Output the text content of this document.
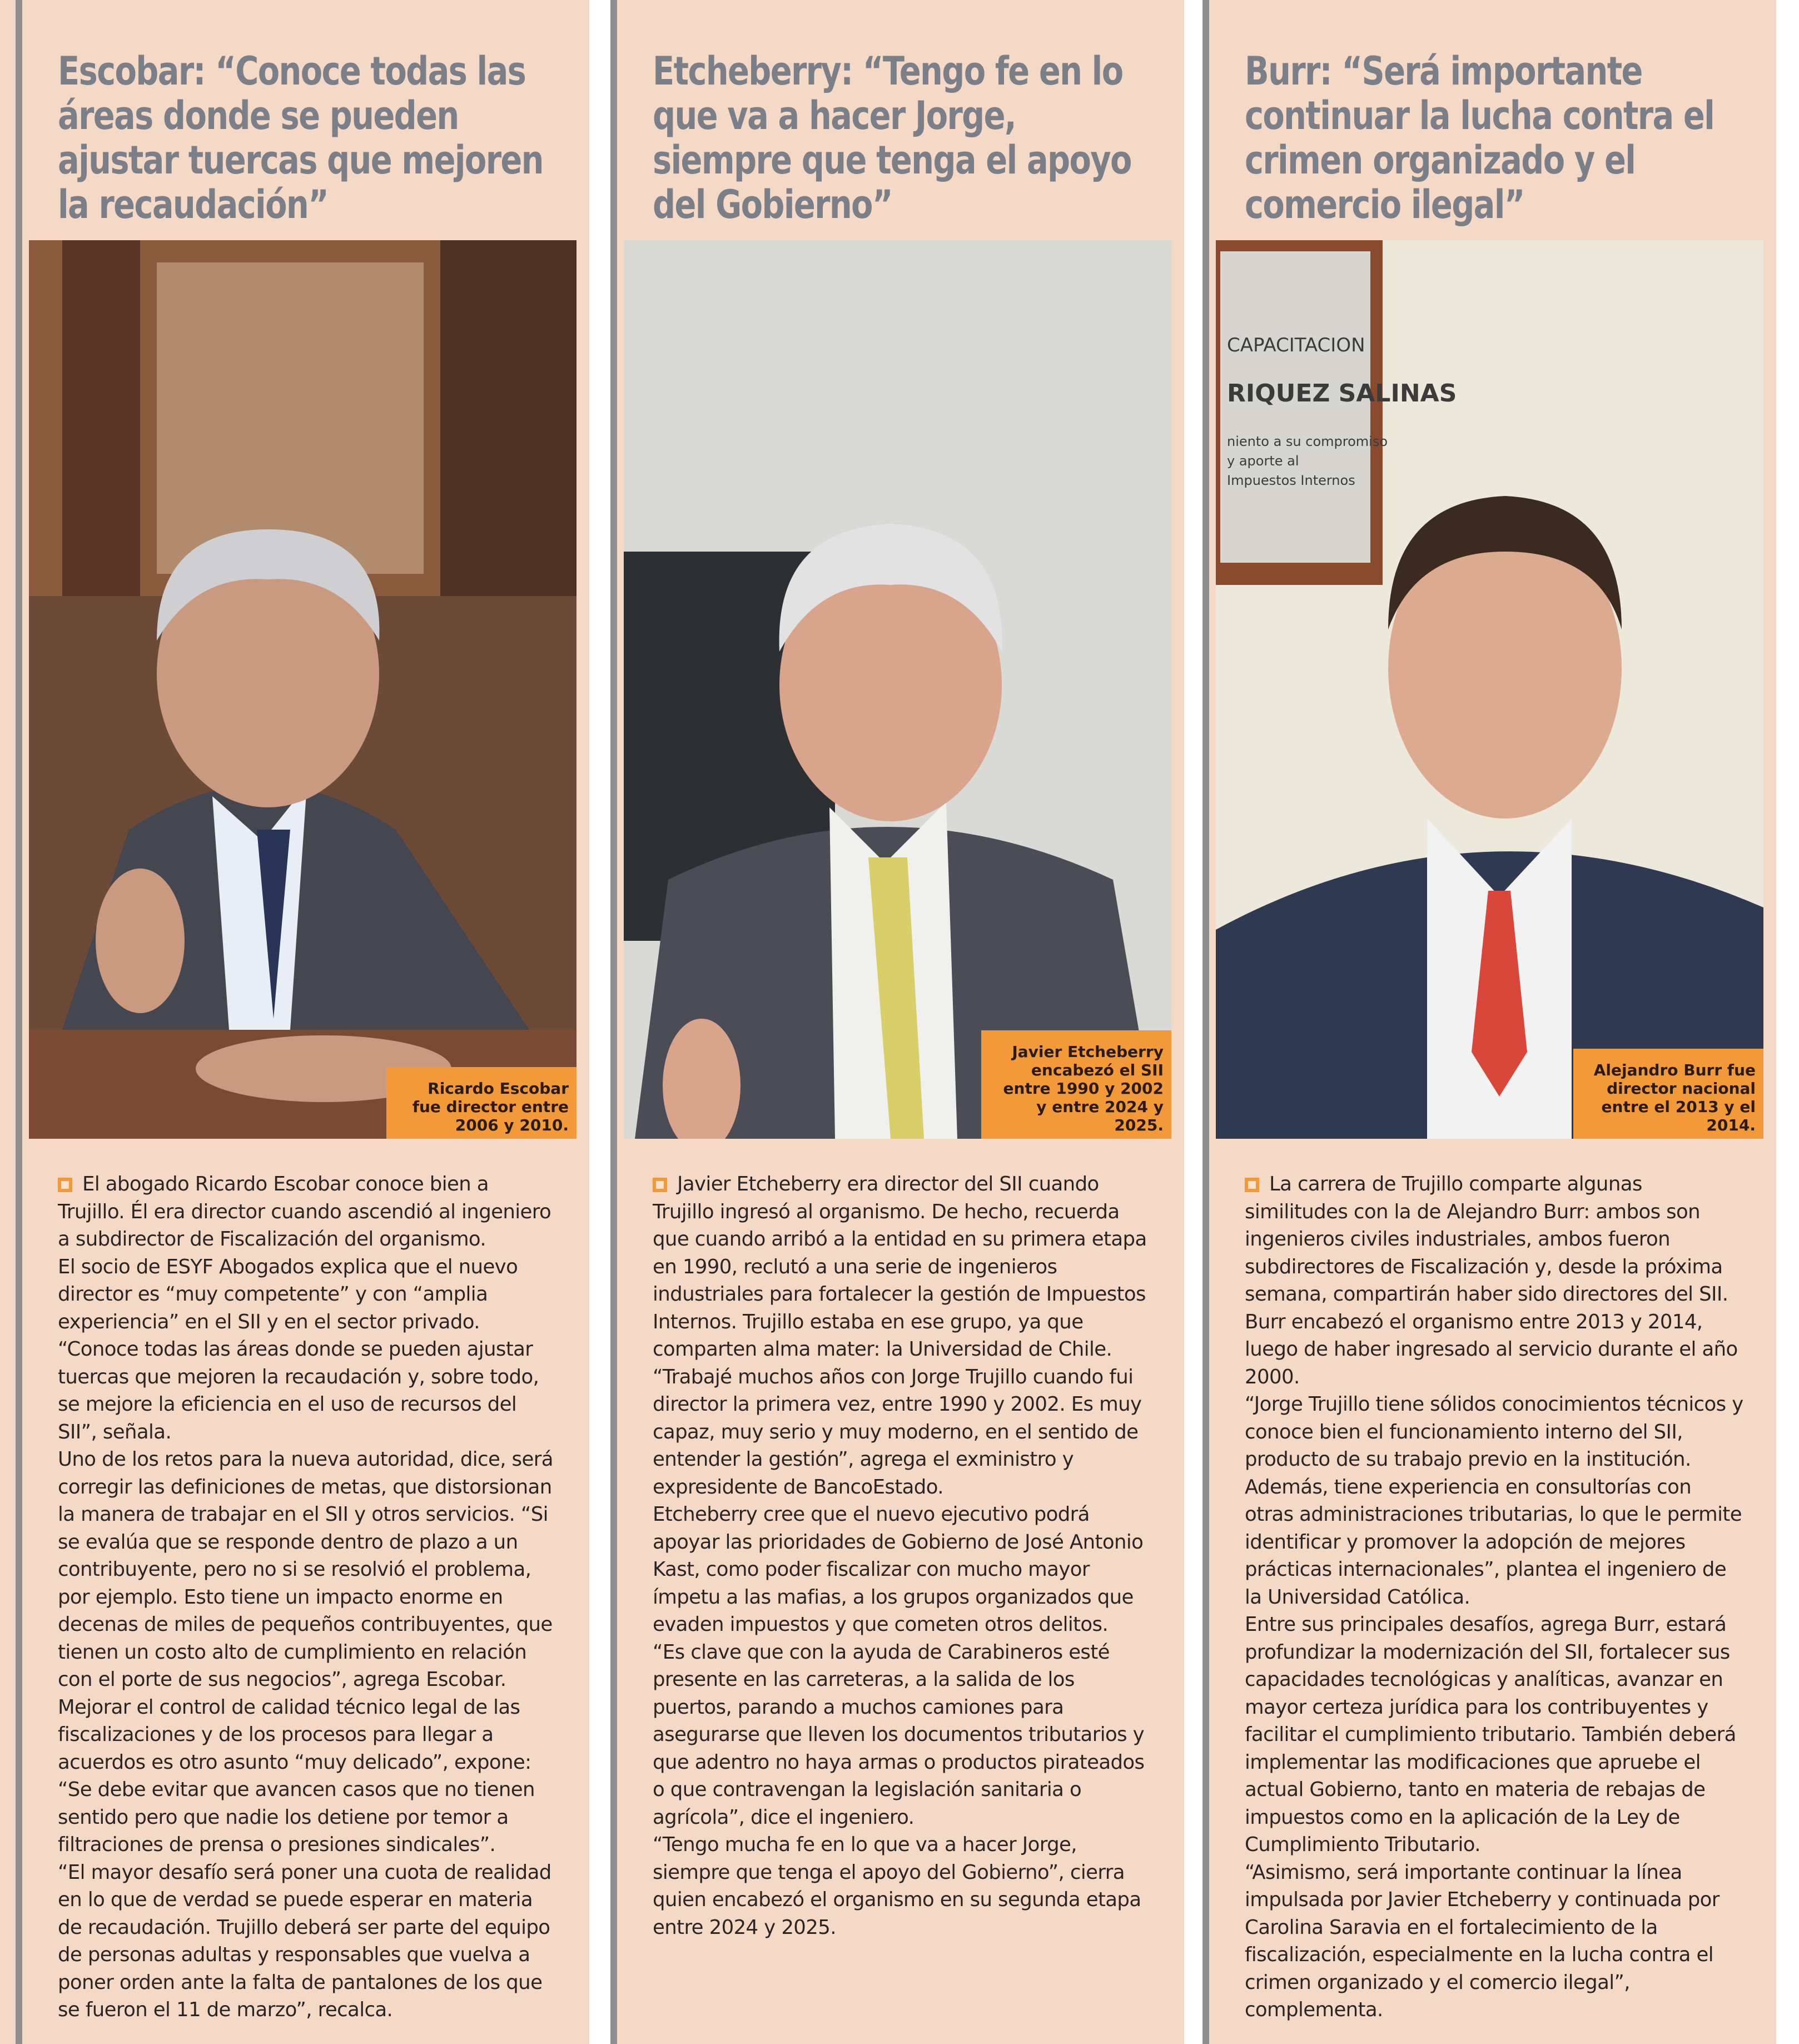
Escobar: “Conoce todas las áreas donde se pueden ajustar tuercas que mejoren la recaudación”
Ricardo Escobar fue director entre 2006 y 2010.

El abogado Ricardo Escobar conoce bien a Trujillo. Él era director cuando ascendió al ingeniero a subdirector de Fiscalización del organismo.

El socio de ESYF Abogados explica que el nuevo director es “muy competente” y con “amplia experiencia” en el SII y en el sector privado. “Conoce todas las áreas donde se pueden ajustar tuercas que mejoren la recaudación y, sobre todo, se mejore la eficiencia en el uso de recursos del SII”, señala.

Uno de los retos para la nueva autoridad, dice, será corregir las definiciones de metas, que distorsionan la manera de trabajar en el SII y otros servicios. “Si se evalúa que se responde dentro de plazo a un contribuyente, pero no si se resolvió el problema, por ejemplo. Esto tiene un impacto enorme en decenas de miles de pequeños contribuyentes, que tienen un costo alto de cumplimiento en relación con el porte de sus negocios”, agrega Escobar.

Mejorar el control de calidad técnico legal de las fiscalizaciones y de los procesos para llegar a acuerdos es otro asunto “muy delicado”, expone: “Se debe evitar que avancen casos que no tienen sentido pero que nadie los detiene por temor a filtraciones de prensa o presiones sindicales”.

“El mayor desafío será poner una cuota de realidad en lo que de verdad se puede esperar en materia de recaudación. Trujillo deberá ser parte del equipo de personas adultas y responsables que vuelva a poner orden ante la falta de pantalones de los que se fueron el 11 de marzo”, recalca.

Etcheberry: “Tengo fe en lo que va a hacer Jorge, siempre que tenga el apoyo del Gobierno”
Javier Etcheberry encabezó el SII entre 1990 y 2002 y entre 2024 y 2025.

Javier Etcheberry era director del SII cuando Trujillo ingresó al organismo. De hecho, recuerda que cuando arribó a la entidad en su primera etapa en 1990, reclutó a una serie de ingenieros industriales para fortalecer la gestión de Impuestos Internos. Trujillo estaba en ese grupo, ya que comparten alma mater: la Universidad de Chile.

“Trabajé muchos años con Jorge Trujillo cuando fui director la primera vez, entre 1990 y 2002. Es muy capaz, muy serio y muy moderno, en el sentido de entender la gestión”, agrega el exministro y expresidente de BancoEstado.

Etcheberry cree que el nuevo ejecutivo podrá apoyar las prioridades de Gobierno de José Antonio Kast, como poder fiscalizar con mucho mayor ímpetu a las mafias, a los grupos organizados que evaden impuestos y que cometen otros delitos.

“Es clave que con la ayuda de Carabineros esté presente en las carreteras, a la salida de los puertos, parando a muchos camiones para asegurarse que lleven los documentos tributarios y que adentro no haya armas o productos pirateados o que contravengan la legislación sanitaria o agrícola”, dice el ingeniero.

“Tengo mucha fe en lo que va a hacer Jorge, siempre que tenga el apoyo del Gobierno”, cierra quien encabezó el organismo en su segunda etapa entre 2024 y 2025.

Burr: “Será importante continuar la lucha contra el crimen organizado y el comercio ilegal”
CAPACITACION
RIQUEZ SALINAS
niento a su compromiso
y aporte al
Impuestos Internos
Alejandro Burr fue director nacional entre el 2013 y el 2014.

La carrera de Trujillo comparte algunas similitudes con la de Alejandro Burr: ambos son ingenieros civiles industriales, ambos fueron subdirectores de Fiscalización y, desde la próxima semana, compartirán haber sido directores del SII.

Burr encabezó el organismo entre 2013 y 2014, luego de haber ingresado al servicio durante el año 2000.

“Jorge Trujillo tiene sólidos conocimientos técnicos y conoce bien el funcionamiento interno del SII, producto de su trabajo previo en la institución. Además, tiene experiencia en consultorías con otras administraciones tributarias, lo que le permite identificar y promover la adopción de mejores prácticas internacionales”, plantea el ingeniero de la Universidad Católica.

Entre sus principales desafíos, agrega Burr, estará profundizar la modernización del SII, fortalecer sus capacidades tecnológicas y analíticas, avanzar en mayor certeza jurídica para los contribuyentes y facilitar el cumplimiento tributario. También deberá implementar las modificaciones que apruebe el actual Gobierno, tanto en materia de rebajas de impuestos como en la aplicación de la Ley de Cumplimiento Tributario.

“Asimismo, será importante continuar la línea impulsada por Javier Etcheberry y continuada por Carolina Saravia en el fortalecimiento de la fiscalización, especialmente en la lucha contra el crimen organizado y el comercio ilegal”, complementa.
